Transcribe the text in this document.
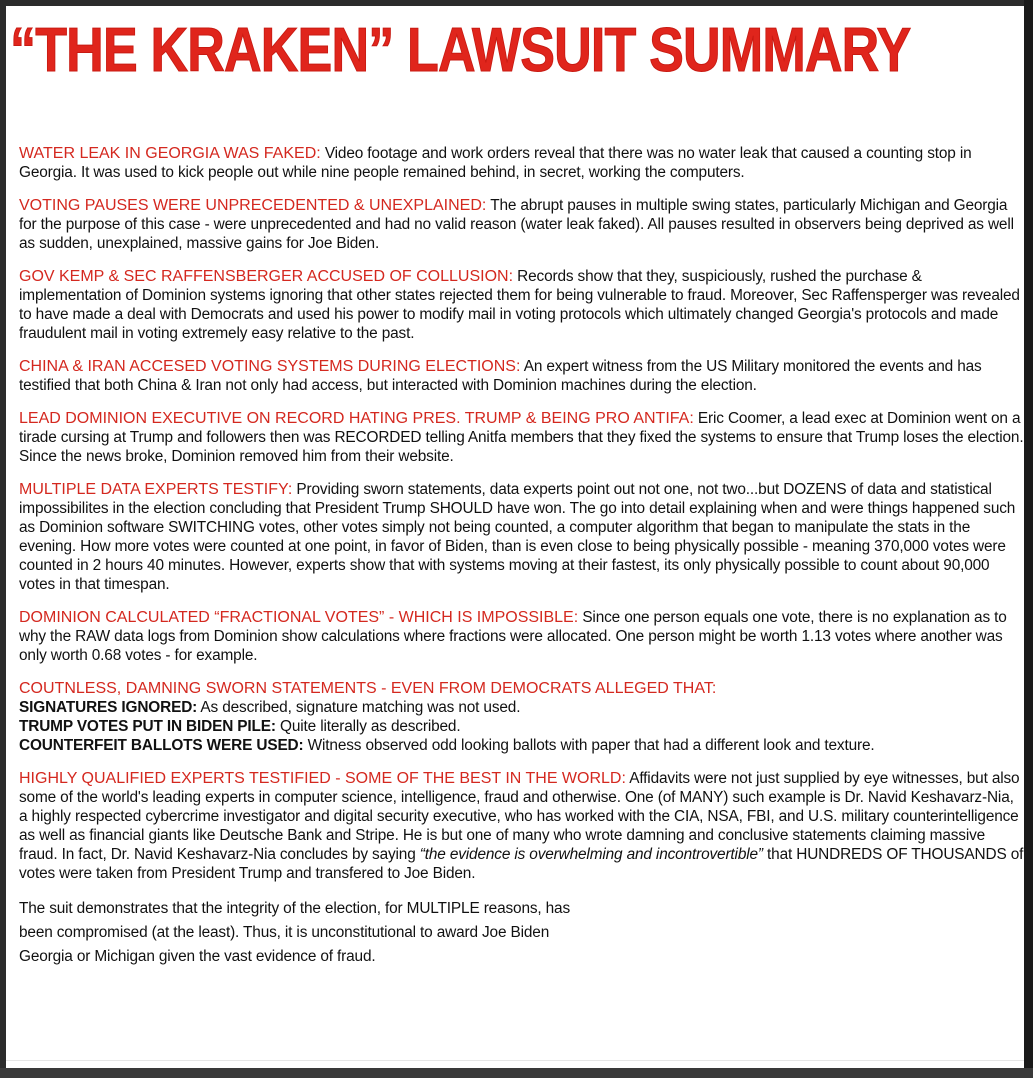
“THE KRAKEN” LAWSUIT SUMMARY

WATER LEAK IN GEORGIA WAS FAKED: Video footage and work orders reveal that there was no water leak that caused a counting stop in Georgia. It was used to kick people out while nine people remained behind, in secret, working the computers.

VOTING PAUSES WERE UNPRECEDENTED & UNEXPLAINED: The abrupt pauses in multiple swing states, particularly Michigan and Georgia for the purpose of this case - were unprecedented and had no valid reason (water leak faked). All pauses resulted in observers being deprived as well as sudden, unexplained, massive gains for Joe Biden.

GOV KEMP & SEC RAFFENSBERGER ACCUSED OF COLLUSION: Records show that they, suspiciously, rushed the purchase & implementation of Dominion systems ignoring that other states rejected them for being vulnerable to fraud. Moreover, Sec Raffensperger was revealed to have made a deal with Democrats and used his power to modify mail in voting protocols which ultimately changed Georgia's protocols and made fraudulent mail in voting extremely easy relative to the past.

CHINA & IRAN ACCESED VOTING SYSTEMS DURING ELECTIONS: An expert witness from the US Military monitored the events and has testified that both China & Iran not only had access, but interacted with Dominion machines during the election.

LEAD DOMINION EXECUTIVE ON RECORD HATING PRES. TRUMP & BEING PRO ANTIFA: Eric Coomer, a lead exec at Dominion went on a tirade cursing at Trump and followers then was RECORDED telling Anitfa members that they fixed the systems to ensure that Trump loses the election. Since the news broke, Dominion removed him from their website.

MULTIPLE DATA EXPERTS TESTIFY: Providing sworn statements, data experts point out not one, not two...but DOZENS of data and statistical impossibilites in the election concluding that President Trump SHOULD have won. The go into detail explaining when and were things happened such as Dominion software SWITCHING votes, other votes simply not being counted, a computer algorithm that began to manipulate the stats in the evening. How more votes were counted at one point, in favor of Biden, than is even close to being physically possible - meaning 370,000 votes were counted in 2 hours 40 minutes. However, experts show that with systems moving at their fastest, its only physically possible to count about 90,000 votes in that timespan.

DOMINION CALCULATED “FRACTIONAL VOTES” - WHICH IS IMPOSSIBLE: Since one person equals one vote, there is no explanation as to why the RAW data logs from Dominion show calculations where fractions were allocated. One person might be worth 1.13 votes where another was only worth 0.68 votes - for example.

COUTNLESS, DAMNING SWORN STATEMENTS - EVEN FROM DEMOCRATS ALLEGED THAT:
SIGNATURES IGNORED: As described, signature matching was not used.
TRUMP VOTES PUT IN BIDEN PILE: Quite literally as described.
COUNTERFEIT BALLOTS WERE USED: Witness observed odd looking ballots with paper that had a different look and texture.

HIGHLY QUALIFIED EXPERTS TESTIFIED - SOME OF THE BEST IN THE WORLD: Affidavits were not just supplied by eye witnesses, but also some of the world's leading experts in computer science, intelligence, fraud and otherwise. One (of MANY) such example is Dr. Navid Keshavarz-Nia, a highly respected cybercrime investigator and digital security executive, who has worked with the CIA, NSA, FBI, and U.S. military counterintelligence as well as financial giants like Deutsche Bank and Stripe. He is but one of many who wrote damning and conclusive statements claiming massive fraud. In fact, Dr. Navid Keshavarz-Nia concludes by saying “the evidence is overwhelming and incontrovertible” that HUNDREDS OF THOUSANDS of votes were taken from President Trump and transfered to Joe Biden.

The suit demonstrates that the integrity of the election, for MULTIPLE reasons, has
been compromised (at the least). Thus, it is unconstitutional to award Joe Biden
Georgia or Michigan given the vast evidence of fraud.
